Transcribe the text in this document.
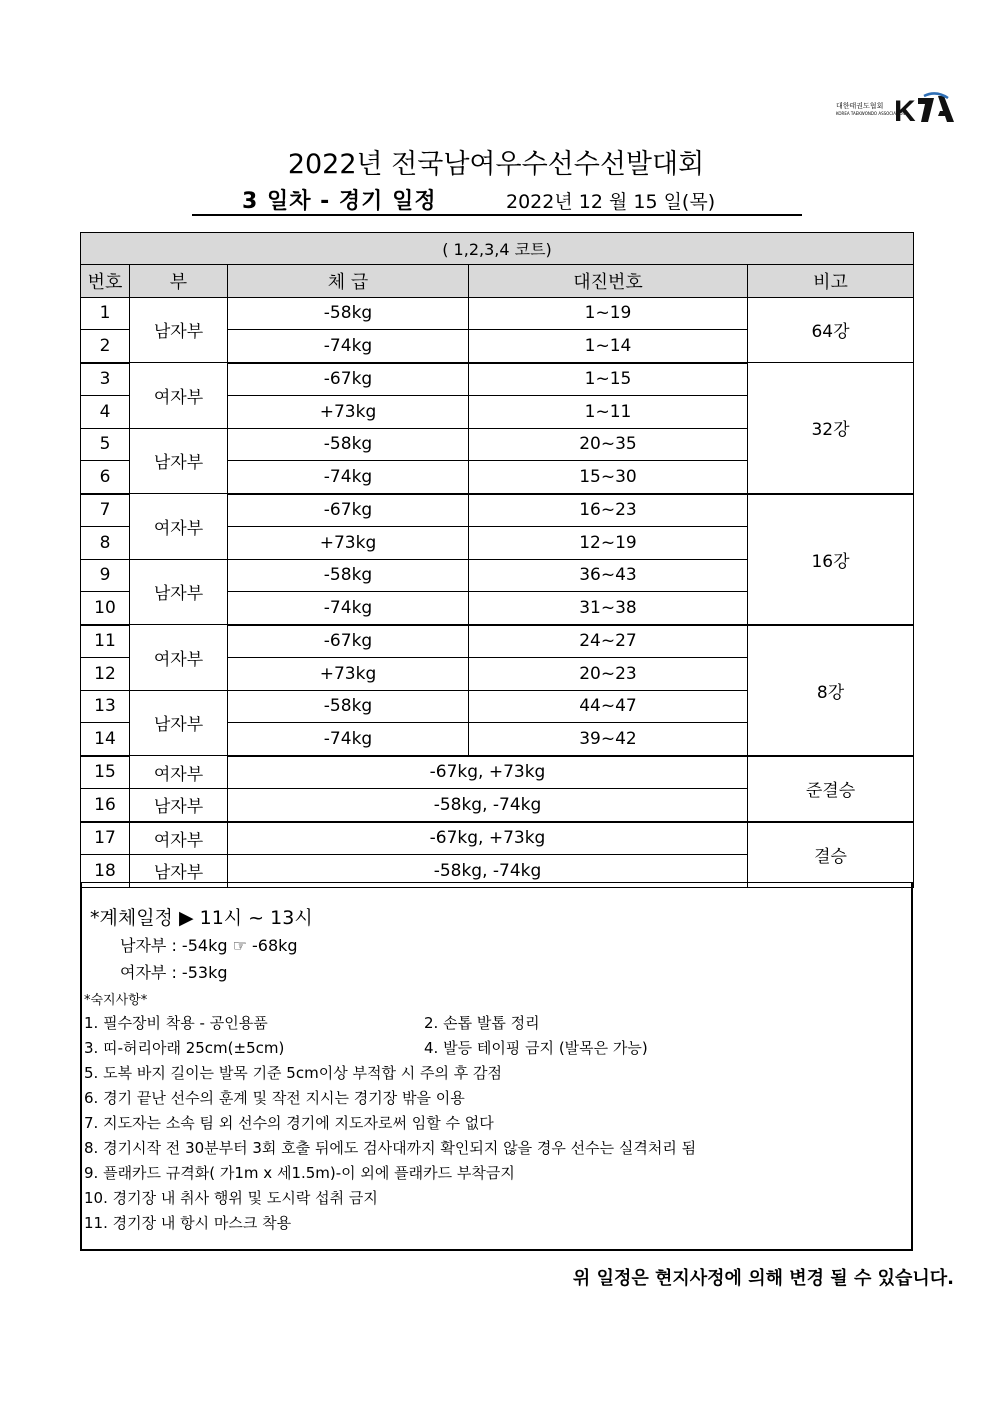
대한태권도협회
KOREA TAEKWONDO ASSOCIATION
K
2022년 전국남여우수선수선발대회
3 일차 - 경기 일정	2022년 12 월 15 일(목)
( 1,2,3,4 코트)				
번호	부	체 급	대진번호	비고
1	남자부	-58kg	1~19	64강
2		-74kg	1~14	
3	여자부	-67kg	1~15	32강
4		+73kg	1~11	
5	남자부	-58kg	20~35	
6		-74kg	15~30	
7	여자부	-67kg	16~23	16강
8		+73kg	12~19	
9	남자부	-58kg	36~43	
10		-74kg	31~38	
11	여자부	-67kg	24~27	8강
12		+73kg	20~23	
13	남자부	-58kg	44~47	
14		-74kg	39~42	
15	여자부	-67kg, +73kg		준결승
16	남자부	-58kg, -74kg		
17	여자부	-67kg, +73kg		결승
18	남자부	-58kg, -74kg		
*계체일정 ▶ 11시 ~ 13시
남자부 : -54kg ☞ -68kg
여자부 : -53kg
*숙지사항*
1. 필수장비 착용 - 공인용품	2. 손톱 발톱 정리
3. 띠-허리아래 25cm(±5cm)	4. 발등 테이핑 금지 (발목은 가능)
5. 도복 바지 길이는 발목 기준 5cm이상 부적합 시 주의 후 감점
6. 경기 끝난 선수의 훈계 및 작전 지시는 경기장 밖을 이용
7. 지도자는 소속 팀 외 선수의 경기에 지도자로써 임할 수 없다
8. 경기시작 전 30분부터 3회 호출 뒤에도 검사대까지 확인되지 않을 경우 선수는 실격처리 됨
9. 플래카드 규격화( 가1m x 세1.5m)-이 외에 플래카드 부착금지
10. 경기장 내 취사 행위 및 도시락 섭취 금지
11. 경기장 내 항시 마스크 착용
위 일정은 현지사정에 의해 변경 될 수 있습니다.
